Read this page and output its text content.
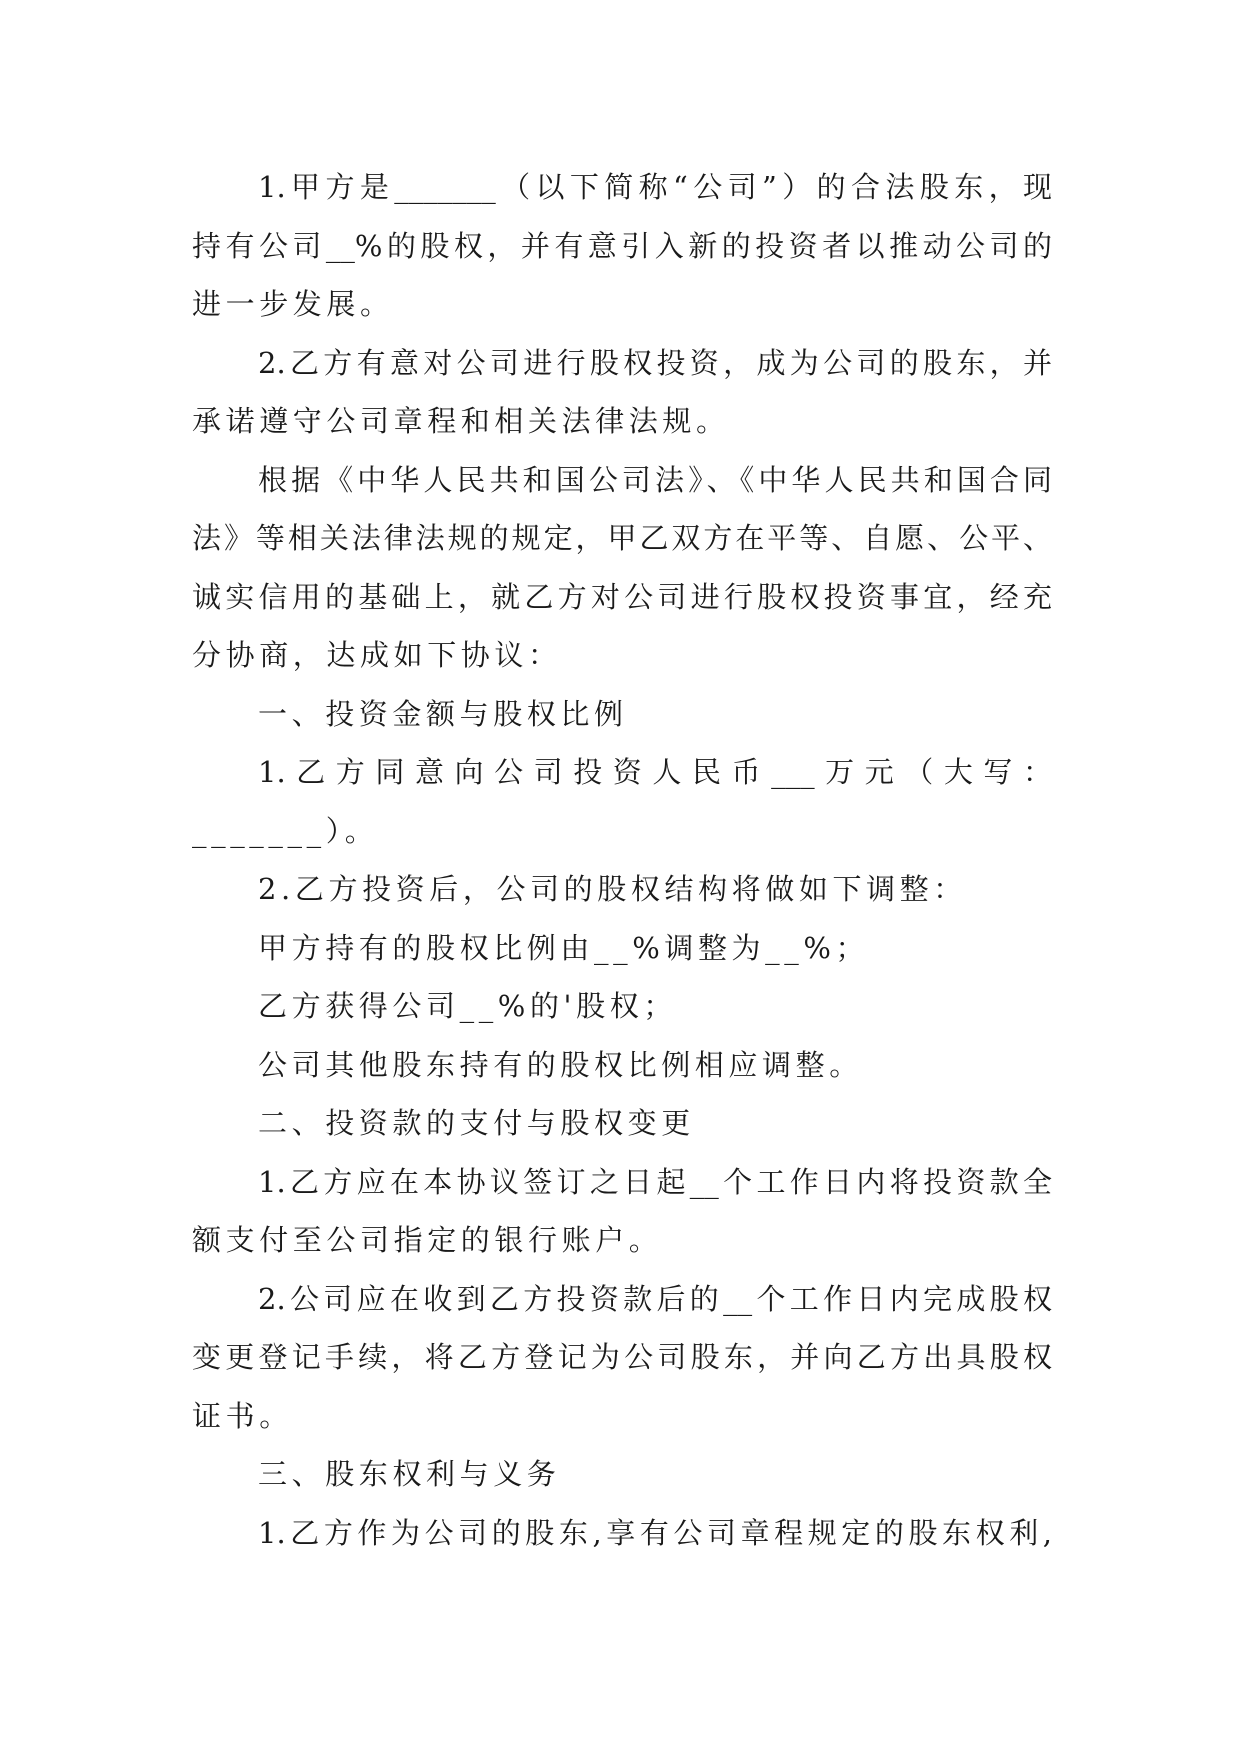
1.甲方是_______（以下简称“公司”）的合法股东，现
持有公司__%的股权，并有意引入新的投资者以推动公司的
进一步发展。
2.乙方有意对公司进行股权投资，成为公司的股东，并
承诺遵守公司章程和相关法律法规。
根据《中华人民共和国公司法》、《中华人民共和国合同
法》等相关法律法规的规定，甲乙双方在平等、自愿、公平、
诚实信用的基础上，就乙方对公司进行股权投资事宜，经充
分协商，达成如下协议：
一、投资金额与股权比例
1.乙方同意向公司投资人民币___万元（大写：
_______）。
2.乙方投资后，公司的股权结构将做如下调整：
甲方持有的股权比例由__%调整为__%；
乙方获得公司__%的'股权；
公司其他股东持有的股权比例相应调整。
二、投资款的支付与股权变更
1.乙方应在本协议签订之日起__个工作日内将投资款全
额支付至公司指定的银行账户。
2.公司应在收到乙方投资款后的__个工作日内完成股权
变更登记手续，将乙方登记为公司股东，并向乙方出具股权
证书。
三、股东权利与义务
1.乙方作为公司的股东,享有公司章程规定的股东权利,
